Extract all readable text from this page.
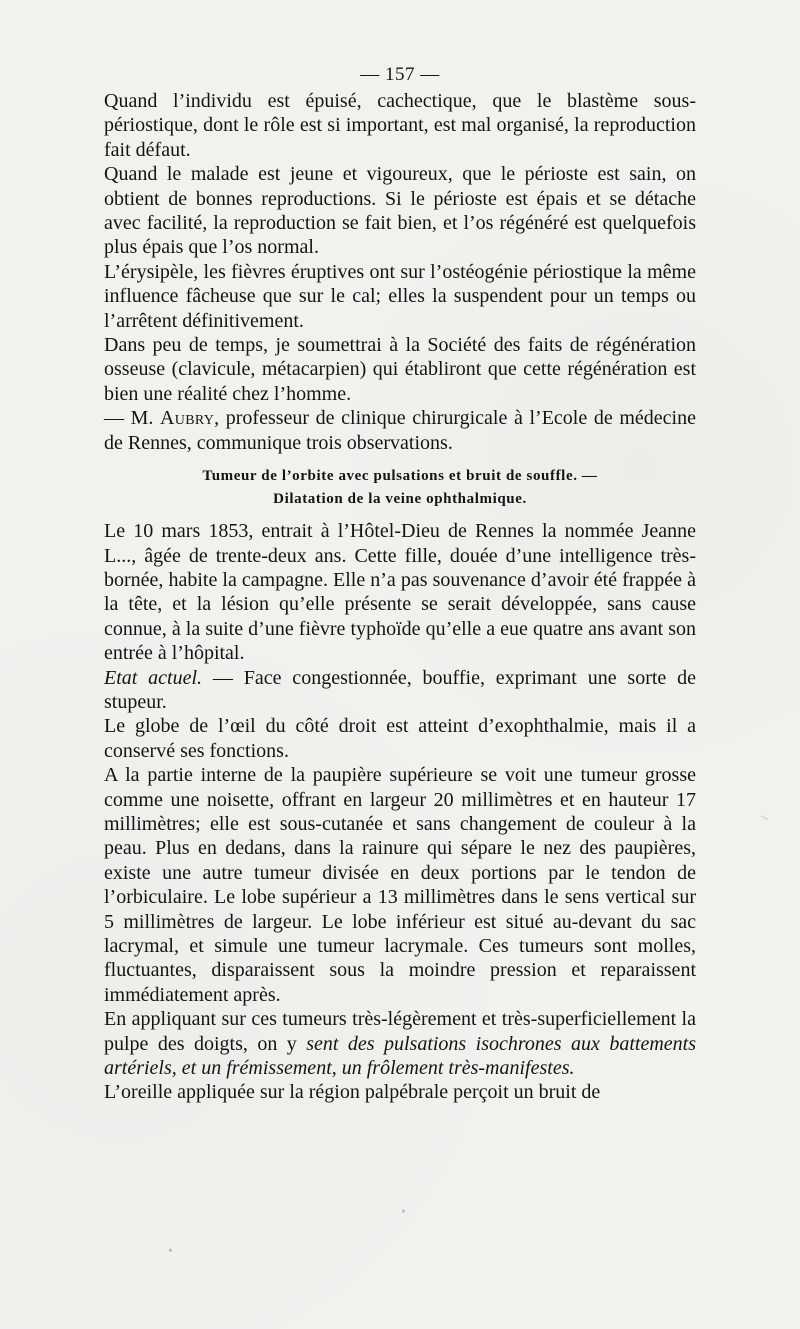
— 157 —

Quand l’individu est épuisé, cachectique, que le blastème sous-périostique, dont le rôle est si important, est mal organisé, la reproduction fait défaut.

Quand le malade est jeune et vigoureux, que le périoste est sain, on obtient de bonnes reproductions. Si le périoste est épais et se détache avec facilité, la reproduction se fait bien, et l’os régénéré est quelquefois plus épais que l’os normal.

L’érysipèle, les fièvres éruptives ont sur l’ostéogénie périostique la même influence fâcheuse que sur le cal; elles la suspendent pour un temps ou l’arrêtent définitivement.

Dans peu de temps, je soumettrai à la Société des faits de régénération osseuse (clavicule, métacarpien) qui établiront que cette régénération est bien une réalité chez l’homme.

— M. Aubry, professeur de clinique chirurgicale à l’Ecole de médecine de Rennes, communique trois observations.

Tumeur de l’orbite avec pulsations et bruit de souffle. —
Dilatation de la veine ophthalmique.

Le 10 mars 1853, entrait à l’Hôtel-Dieu de Rennes la nommée Jeanne L..., âgée de trente-deux ans. Cette fille, douée d’une intelligence très-bornée, habite la campagne. Elle n’a pas souvenance d’avoir été frappée à la tête, et la lésion qu’elle présente se serait développée, sans cause connue, à la suite d’une fièvre typhoïde qu’elle a eue quatre ans avant son entrée à l’hôpital.

Etat actuel. — Face congestionnée, bouffie, exprimant une sorte de stupeur.

Le globe de l’œil du côté droit est atteint d’exophthalmie, mais il a conservé ses fonctions.

A la partie interne de la paupière supérieure se voit une tumeur grosse comme une noisette, offrant en largeur 20 millimètres et en hauteur 17 millimètres; elle est sous-cutanée et sans changement de couleur à la peau. Plus en dedans, dans la rainure qui sépare le nez des paupières, existe une autre tumeur divisée en deux portions par le tendon de l’orbiculaire. Le lobe supérieur a 13 millimètres dans le sens vertical sur 5 millimètres de largeur. Le lobe inférieur est situé au-devant du sac lacrymal, et simule une tumeur lacrymale. Ces tumeurs sont molles, fluctuantes, disparaissent sous la moindre pression et reparaissent immédiatement après.

En appliquant sur ces tumeurs très-légèrement et très-superficiellement la pulpe des doigts, on y sent des pulsations isochrones aux battements artériels, et un frémissement, un frôlement très-manifestes.

L’oreille appliquée sur la région palpébrale perçoit un bruit de

•
•
~
